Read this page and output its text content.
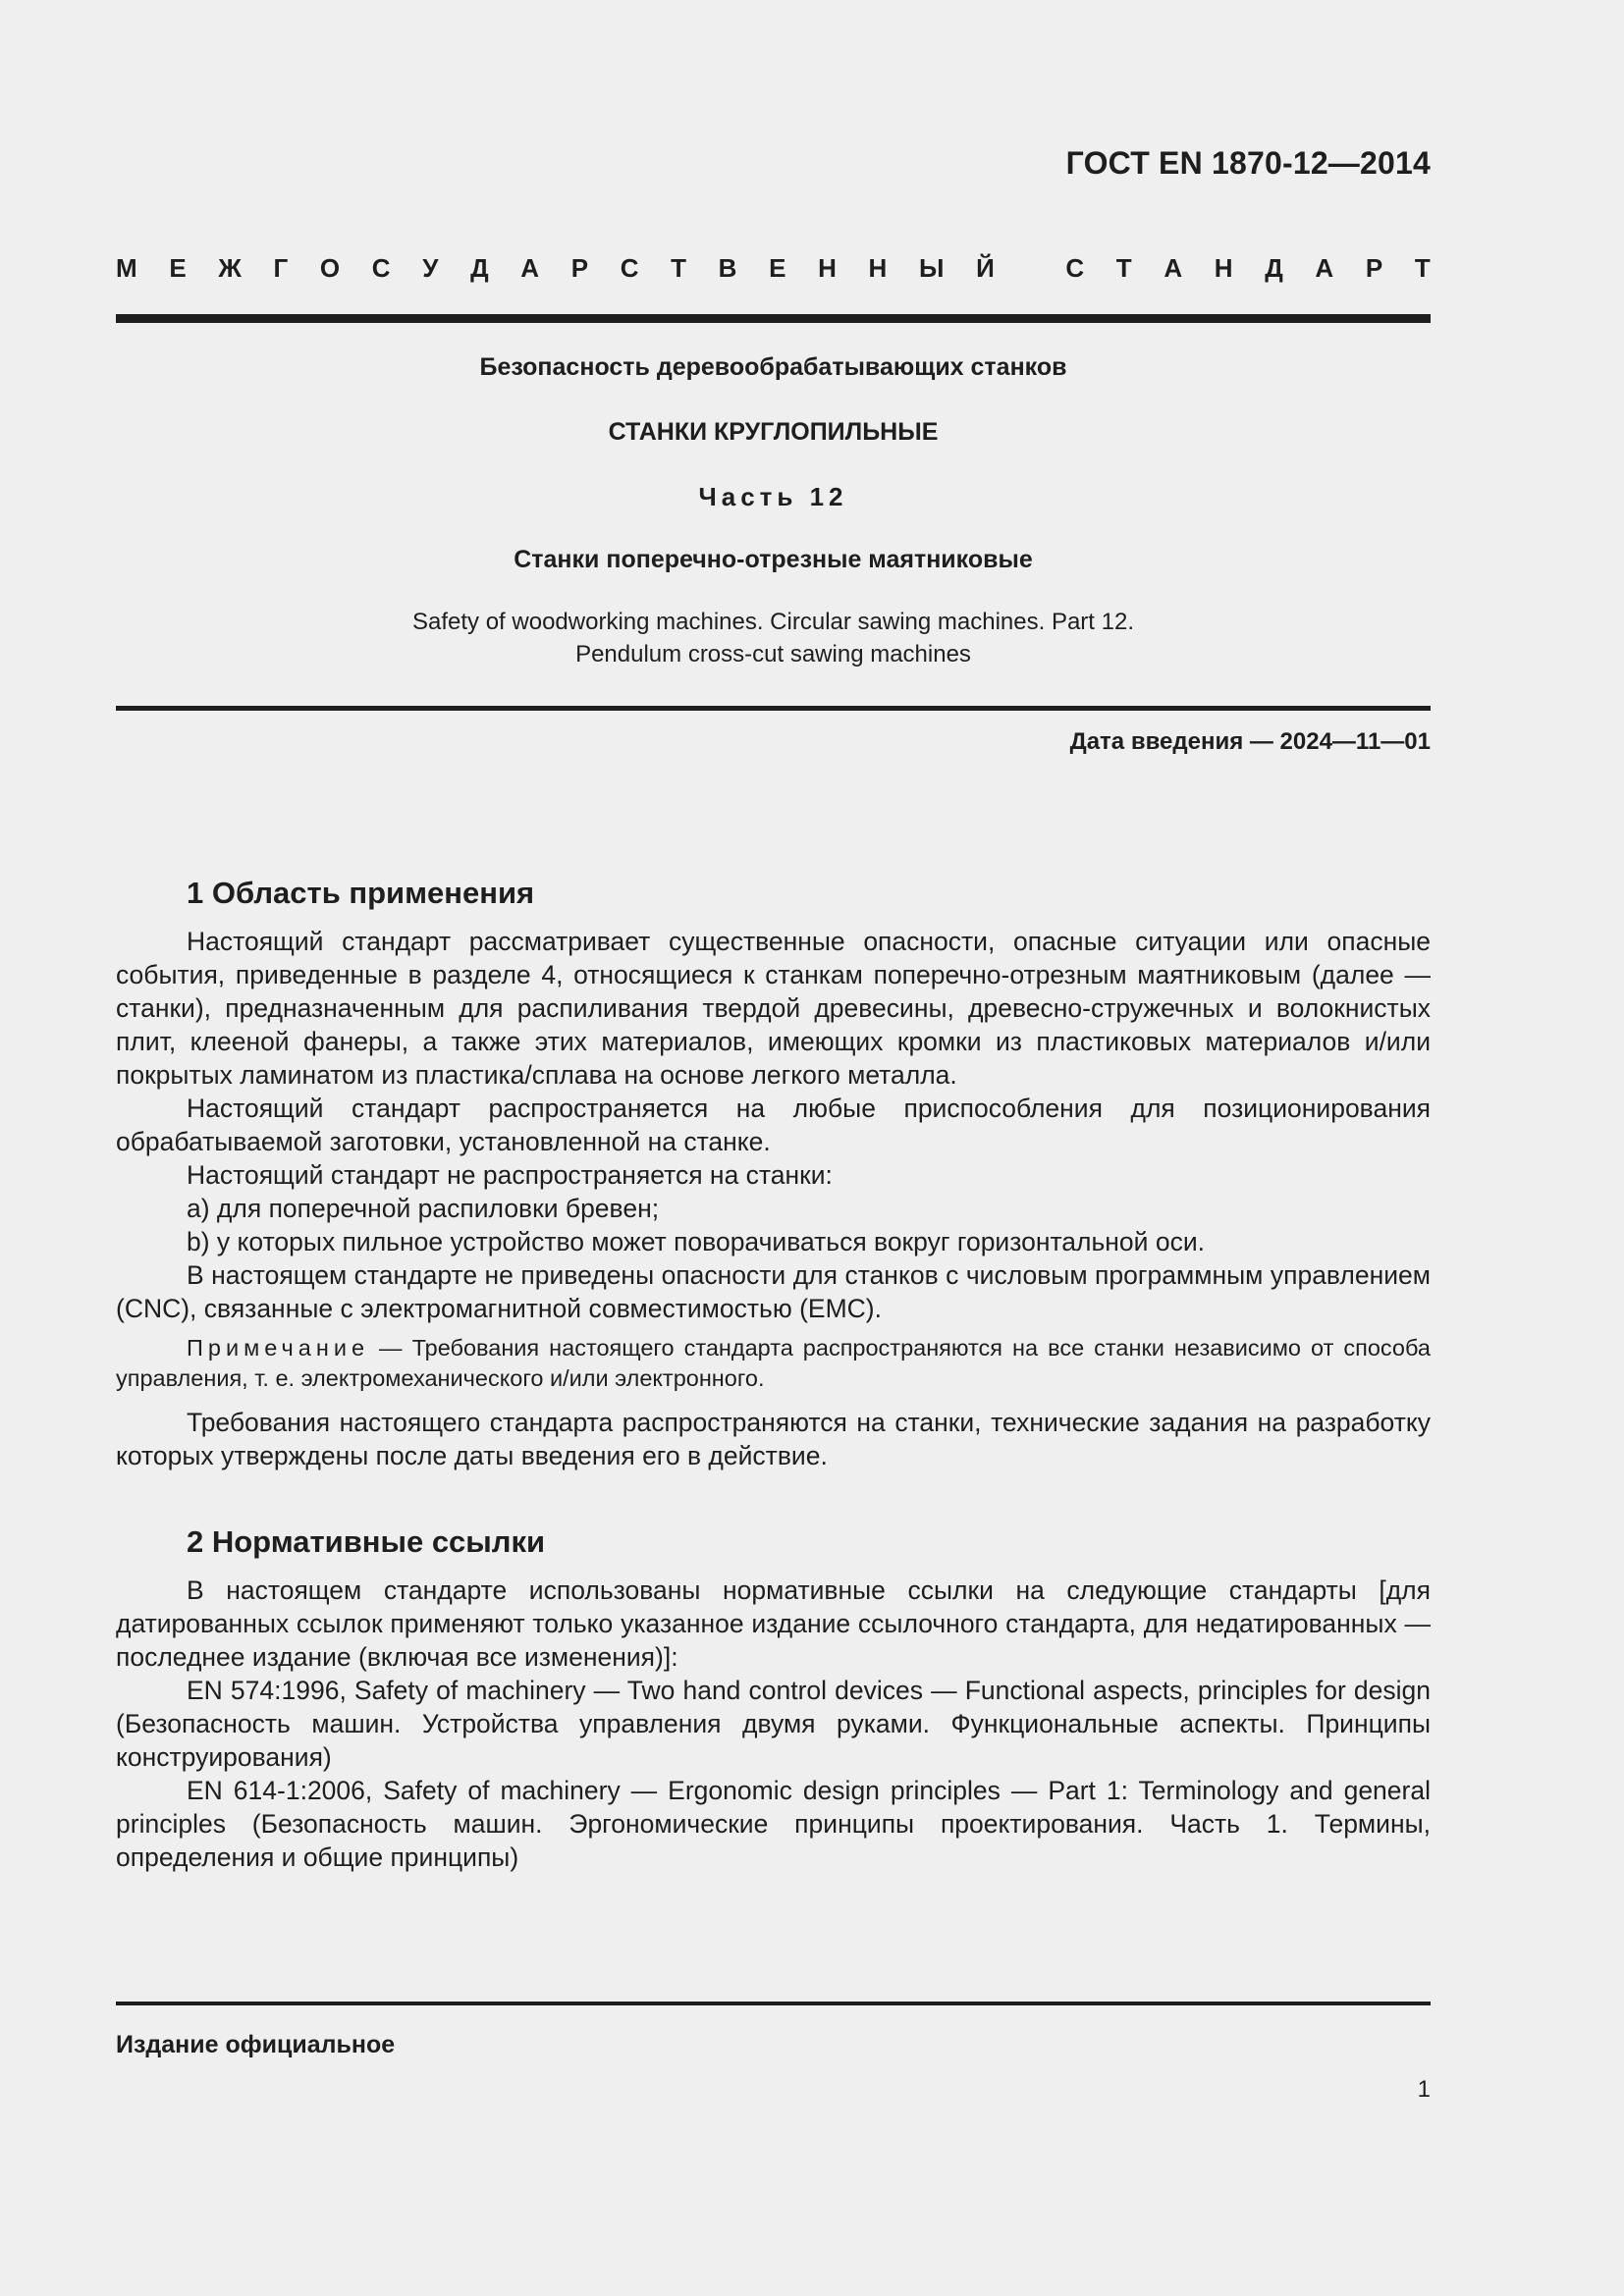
ГОСТ EN 1870-12—2014
М Е Ж Г О С У Д А Р С Т В Е Н Н Ы Й
	С Т А Н Д А Р Т
Безопасность деревообрабатывающих станков
СТАНКИ КРУГЛОПИЛЬНЫЕ
Часть 12
Станки поперечно-отрезные маятниковые
Safety of woodworking machines. Circular sawing machines. Part 12.
Pendulum cross-cut sawing machines
Дата введения — 2024—11—01
1 Область применения

Настоящий стандарт рассматривает существенные опасности, опасные ситуации или опасные события, приведенные в разделе 4, относящиеся к станкам поперечно-отрезным маятниковым (далее — станки), предназначенным для распиливания твердой древесины, древесно-стружечных и волокнистых плит, клееной фанеры, а также этих материалов, имеющих кромки из пластиковых материалов и/или покрытых ламинатом из пластика/сплава на основе легкого металла.

Настоящий стандарт распространяется на любые приспособления для позиционирования обрабатываемой заготовки, установленной на станке.

Настоящий стандарт не распространяется на станки:

a) для поперечной распиловки бревен;

b) у которых пильное устройство может поворачиваться вокруг горизонтальной оси.

В настоящем стандарте не приведены опасности для станков с числовым программным управлением (CNC), связанные с электромагнитной совместимостью (EMC).

Примечание — Требования настоящего стандарта распространяются на все станки независимо от способа управления, т. е. электромеханического и/или электронного.

Требования настоящего стандарта распространяются на станки, технические задания на разработку которых утверждены после даты введения его в действие.

2 Нормативные ссылки

В настоящем стандарте использованы нормативные ссылки на следующие стандарты [для датированных ссылок применяют только указанное издание ссылочного стандарта, для недатированных — последнее издание (включая все изменения)]:

EN 574:1996, Safety of machinery — Two hand control devices — Functional aspects, principles for design (Безопасность машин. Устройства управления двумя руками. Функциональные аспекты. Принципы конструирования)

EN 614-1:2006, Safety of machinery — Ergonomic design principles — Part 1: Terminology and general principles (Безопасность машин. Эргономические принципы проектирования. Часть 1. Термины, определения и общие принципы)

Издание официальное
1
